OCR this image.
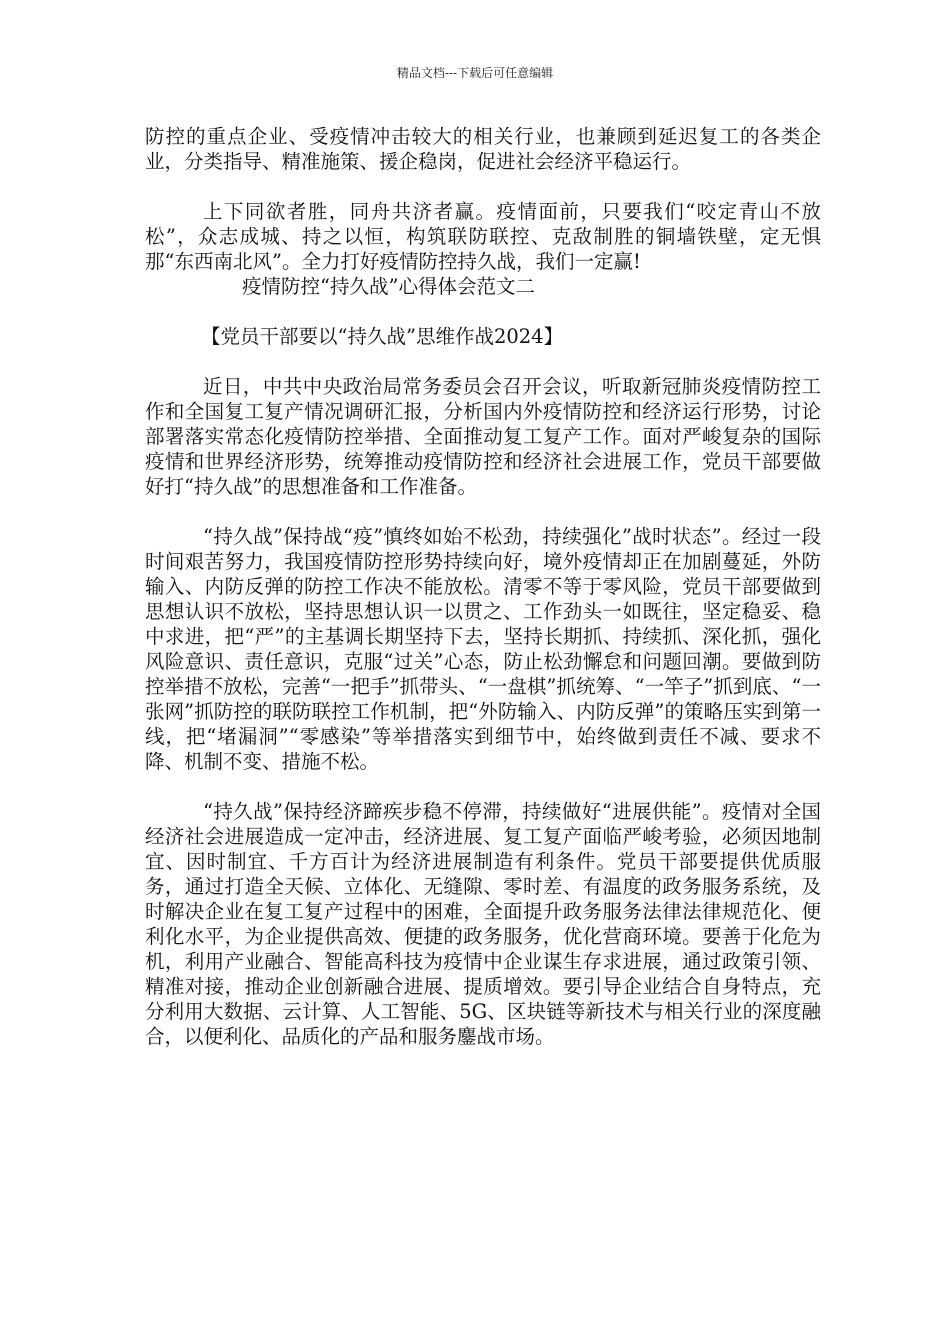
精品文档---下载后可任意编辑

防控的重点企业、受疫情冲击较大的相关行业，也兼顾到延迟复工的各类企业，分类指导、精准施策、援企稳岗，促进社会经济平稳运行。

上下同欲者胜，同舟共济者赢。疫情面前，只要我们“咬定青山不放松”，众志成城、持之以恒，构筑联防联控、克敌制胜的铜墙铁壁，定无惧那“东西南北风”。全力打好疫情防控持久战，我们一定赢!

疫情防控“持久战”心得体会范文二
【党员干部要以“持久战”思维作战2024】

近日，中共中央政治局常务委员会召开会议，听取新冠肺炎疫情防控工作和全国复工复产情况调研汇报，分析国内外疫情防控和经济运行形势，讨论部署落实常态化疫情防控举措、全面推动复工复产工作。面对严峻复杂的国际疫情和世界经济形势，统筹推动疫情防控和经济社会进展工作，党员干部要做好打“持久战”的思想准备和工作准备。

“持久战”保持战“疫”慎终如始不松劲，持续强化”战时状态”。经过一段时间艰苦努力，我国疫情防控形势持续向好，境外疫情却正在加剧蔓延，外防输入、内防反弹的防控工作决不能放松。清零不等于零风险，党员干部要做到思想认识不放松，坚持思想认识一以贯之、工作劲头一如既往，坚定稳妥、稳中求进，把“严”的主基调长期坚持下去，坚持长期抓、持续抓、深化抓，强化风险意识、责任意识，克服“过关”心态，防止松劲懈怠和问题回潮。要做到防控举措不放松，完善“一把手”抓带头、“一盘棋”抓统筹、“一竿子”抓到底、“一张网”抓防控的联防联控工作机制，把“外防输入、内防反弹”的策略压实到第一线，把“堵漏洞”“零感染”等举措落实到细节中，始终做到责任不减、要求不降、机制不变、措施不松。

“持久战”保持经济蹄疾步稳不停滞，持续做好“进展供能”。疫情对全国经济社会进展造成一定冲击，经济进展、复工复产面临严峻考验，必须因地制宜、因时制宜、千方百计为经济进展制造有利条件。党员干部要提供优质服务，通过打造全天候、立体化、无缝隙、零时差、有温度的政务服务系统，及时解决企业在复工复产过程中的困难，全面提升政务服务法律法律规范化、便利化水平，为企业提供高效、便捷的政务服务，优化营商环境。要善于化危为机，利用产业融合、智能高科技为疫情中企业谋生存求进展，通过政策引领、精准对接，推动企业创新融合进展、提质增效。要引导企业结合自身特点，充分利用大数据、云计算、人工智能、5G、区块链等新技术与相关行业的深度融合，以便利化、品质化的产品和服务鏖战市场。
